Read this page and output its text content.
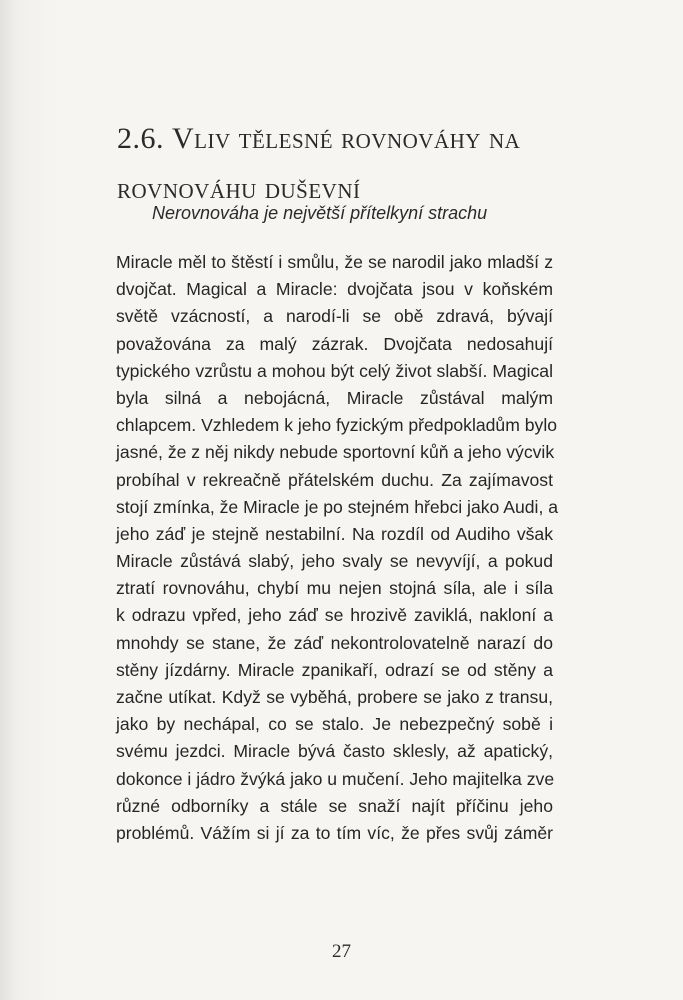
2.6. Vliv tělesné rovnováhy na
rovnováhu duševní

Nerovnováha je největší přítelkyní strachu

Miracle měl to štěstí i smůlu, že se narodil jako mladší z
dvojčat. Magical a Miracle: dvojčata jsou v koňském
světě vzácností, a narodí-li se obě zdravá, bývají
považována za malý zázrak. Dvojčata nedosahují
typického vzrůstu a mohou být celý život slabší. Magical
byla silná a nebojácná, Miracle zůstával malým
chlapcem. Vzhledem k jeho fyzickým předpokladům bylo
jasné, že z něj nikdy nebude sportovní kůň a jeho výcvik
probíhal v rekreačně přátelském duchu. Za zajímavost
stojí zmínka, že Miracle je po stejném hřebci jako Audi, a
jeho záď je stejně nestabilní. Na rozdíl od Audiho však
Miracle zůstává slabý, jeho svaly se nevyvíjí, a pokud
ztratí rovnováhu, chybí mu nejen stojná síla, ale i síla
k odrazu vpřed, jeho záď se hrozivě zaviklá, nakloní a
mnohdy se stane, že záď nekontrolovatelně narazí do
stěny jízdárny. Miracle zpanikaří, odrazí se od stěny a
začne utíkat. Když se vyběhá, probere se jako z transu,
jako by nechápal, co se stalo. Je nebezpečný sobě i
svému jezdci. Miracle bývá často sklesly, až apatický,
dokonce i jádro žvýká jako u mučení. Jeho majitelka zve
různé odborníky a stále se snaží najít příčinu jeho
problémů. Vážím si jí za to tím víc, že přes svůj záměr

27
